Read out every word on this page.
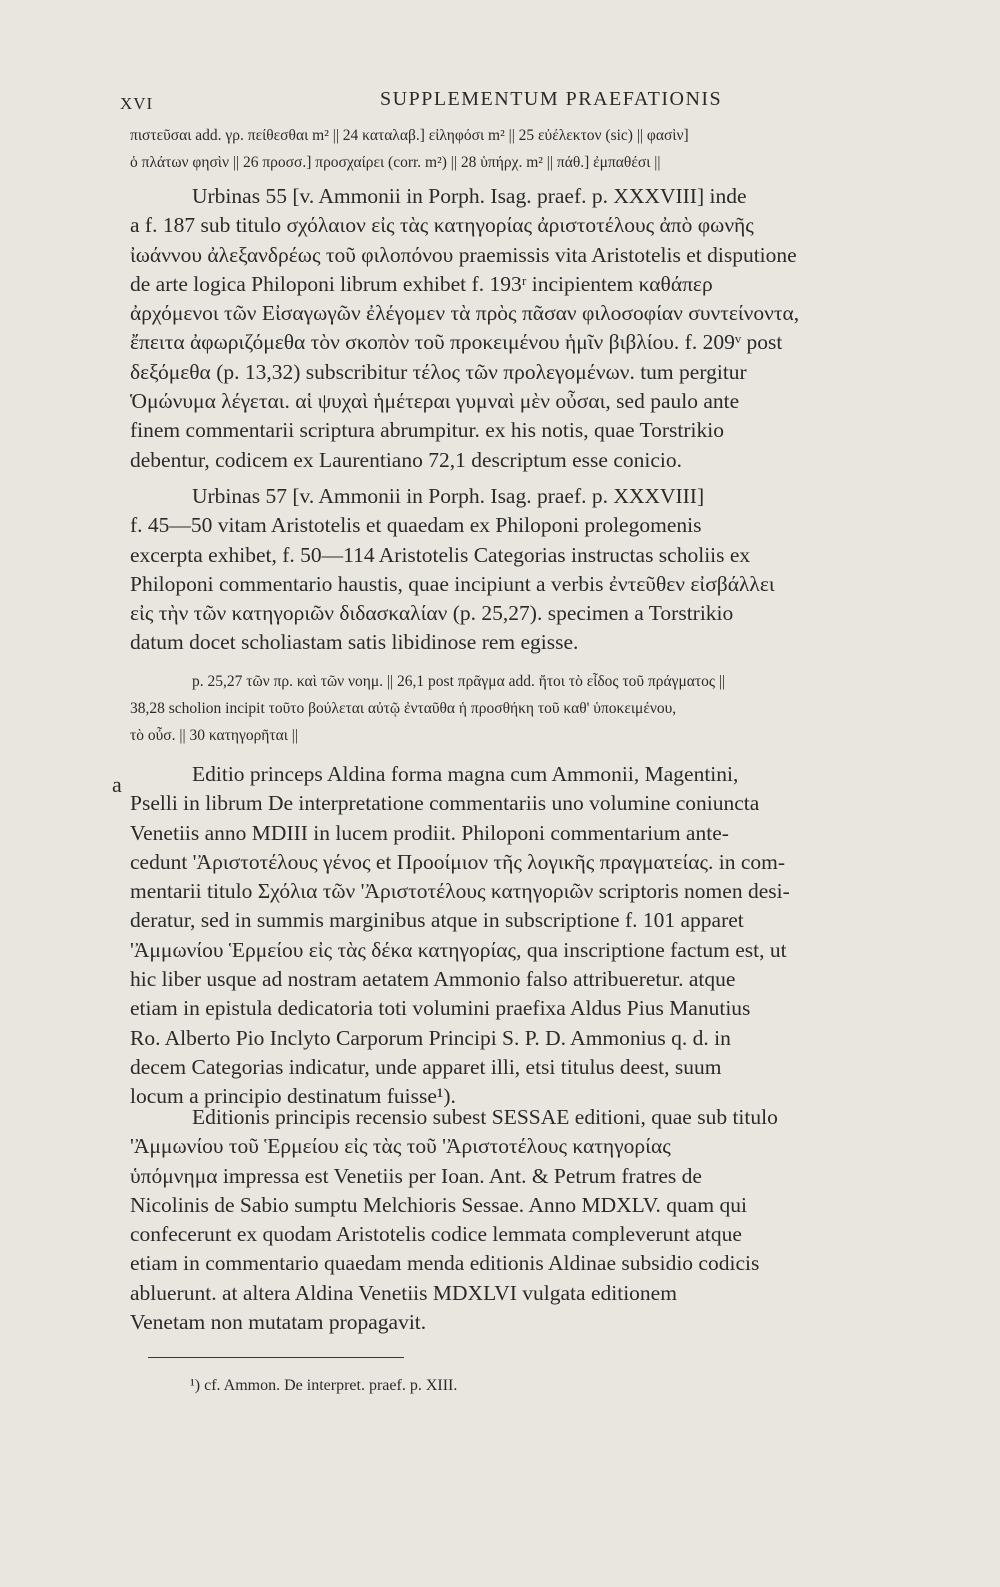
XVI	SUPPLEMENTUM PRAEFATIONIS
πιστεῦσαι add. γρ. πείθεσθαι m² || 24 καταλαβ.] εἰληφόσι m² || 25 εὐέλεκτον (sic) || φασὶν]
ὁ πλάτων φησὶν || 26 προσσ.] προσχαίρει (corr. m²) || 28 ὑπήρχ. m² || πάθ.] ἐμπαθέσι ||
Urbinas 55 [v. Ammonii in Porph. Isag. praef. p. XXXVIII] inde
a f. 187 sub titulo σχόλαιον εἰς τὰς κατηγορίας ἀριστοτέλους ἀπὸ φωνῆς
ἰωάννου ἀλεξανδρέως τοῦ φιλοπόνου praemissis vita Aristotelis et disputione
de arte logica Philoponi librum exhibet f. 193ʳ incipientem καθάπερ
ἀρχόμενοι τῶν Εἰσαγωγῶν ἐλέγομεν τὰ πρὸς πᾶσαν φιλοσοφίαν συντείνοντα,
ἔπειτα ἀφωριζόμεθα τὸν σκοπὸν τοῦ προκειμένου ἡμῖν βιβλίου. f. 209ᵛ post
δεξόμεθα (p. 13,32) subscribitur τέλος τῶν προλεγομένων. tum pergitur
Ὁμώνυμα λέγεται. αἱ ψυχαὶ ἡμέτεραι γυμναὶ μὲν οὖσαι, sed paulo ante
finem commentarii scriptura abrumpitur. ex his notis, quae Torstrikio
debentur, codicem ex Laurentiano 72,1 descriptum esse conicio.
Urbinas 57 [v. Ammonii in Porph. Isag. praef. p. XXXVIII]
f. 45—50 vitam Aristotelis et quaedam ex Philoponi prolegomenis
excerpta exhibet, f. 50—114 Aristotelis Categorias instructas scholiis ex
Philoponi commentario haustis, quae incipiunt a verbis ἐντεῦθεν εἰσβάλλει
εἰς τὴν τῶν κατηγοριῶν διδασκαλίαν (p. 25,27). specimen a Torstrikio
datum docet scholiastam satis libidinose rem egisse.
p. 25,27 τῶν πρ. καὶ τῶν νοημ. || 26,1 post πρᾶγμα add. ἤτοι τὸ εἶδος τοῦ πράγματος ||
38,28 scholion incipit τοῦτο βούλεται αὐτῷ ἐνταῦθα ἡ προσθήκη τοῦ καθ' ὑποκειμένου,
τὸ οὖσ. || 30 κατηγορῆται ||
a	Editio princeps Aldina forma magna cum Ammonii, Magentini,
Pselli in librum De interpretatione commentariis uno volumine coniuncta
Venetiis anno MDIII in lucem prodiit. Philoponi commentarium ante-
cedunt 'Ἀριστοτέλους γένος et Προοίμιον τῆς λογικῆς πραγματείας. in com-
mentarii titulo Σχόλια τῶν 'Ἀριστοτέλους κατηγοριῶν scriptoris nomen desi-
deratur, sed in summis marginibus atque in subscriptione f. 101 apparet
'Ἀμμωνίου Ἑρμείου εἰς τὰς δέκα κατηγορίας, qua inscriptione factum est, ut
hic liber usque ad nostram aetatem Ammonio falso attribueretur. atque
etiam in epistula dedicatoria toti volumini praefixa Aldus Pius Manutius
Ro. Alberto Pio Inclyto Carporum Principi S. P. D. Ammonius q. d. in
decem Categorias indicatur, unde apparet illi, etsi titulus deest, suum
locum a principio destinatum fuisse¹).
Editionis principis recensio subest SESSAE editioni, quae sub titulo
'Ἀμμωνίου τοῦ Ἑρμείου εἰς τὰς τοῦ 'Ἀριστοτέλους κατηγορίας
ὑπόμνημα impressa est Venetiis per Ioan. Ant. & Petrum fratres de
Nicolinis de Sabio sumptu Melchioris Sessae. Anno MDXLV. quam qui
confecerunt ex quodam Aristotelis codice lemmata compleverunt atque
etiam in commentario quaedam menda editionis Aldinae subsidio codicis
abluerunt. at altera Aldina Venetiis MDXLVI vulgata editionem
Venetam non mutatam propagavit.
¹) cf. Ammon. De interpret. praef. p. XIII.
